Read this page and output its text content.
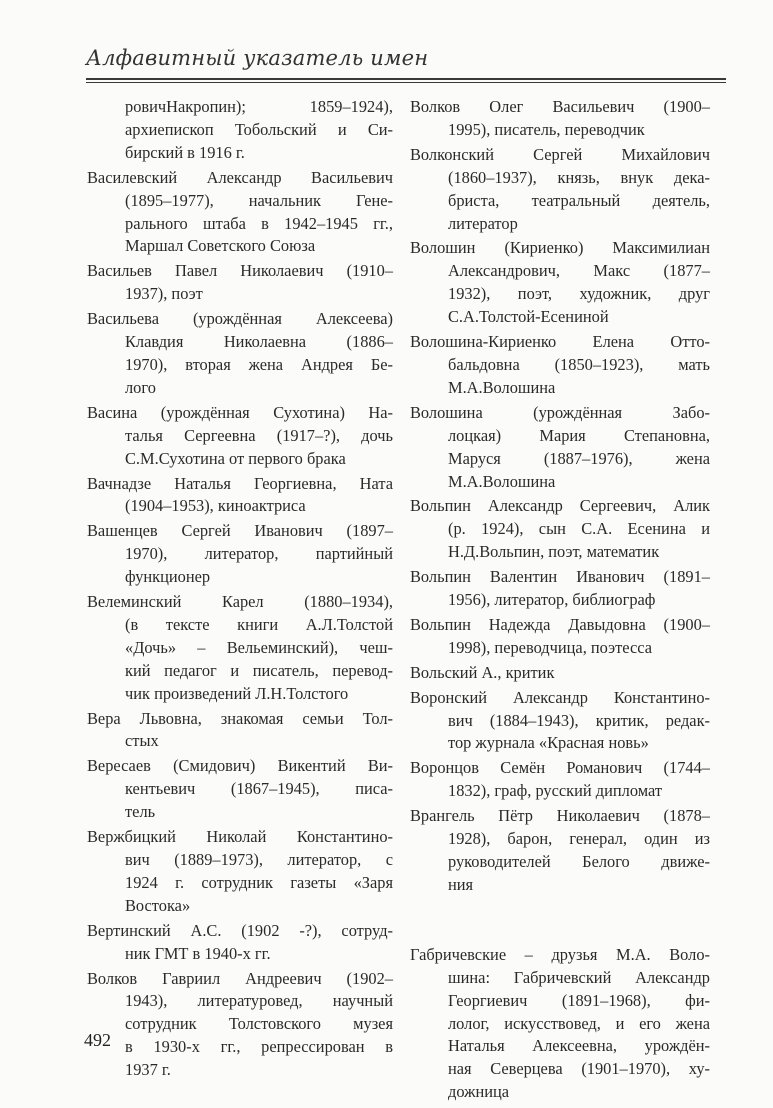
Алфавитный указатель имен
ровичНакропин); 1859–1924),
архиепископ Тобольский и Си-
бирский в 1916 г.
Василевский Александр Васильевич
(1895–1977), начальник Гене-
рального штаба в 1942–1945 гг.,
Маршал Советского Союза
Васильев Павел Николаевич (1910–
1937), поэт
Васильева (урождённая Алексеева)
Клавдия Николаевна (1886–
1970), вторая жена Андрея Бе-
лого
Васина (урождённая Сухотина) На-
талья Сергеевна (1917–?), дочь
С.М.Сухотина от первого брака
Вачнадзе Наталья Георгиевна, Ната
(1904–1953), киноактриса
Вашенцев Сергей Иванович (1897–
1970), литератор, партийный
функционер
Велеминский Карел (1880–1934),
(в тексте книги А.Л.Толстой
«Дочь» – Вельеминский), чеш-
кий педагог и писатель, перевод-
чик произведений Л.Н.Толстого
Вера Львовна, знакомая семьи Тол-
стых
Вересаев (Смидович) Викентий Ви-
кентьевич (1867–1945), писа-
тель
Вержбицкий Николай Константино-
вич (1889–1973), литератор, с
1924 г. сотрудник газеты «Заря
Востока»
Вертинский А.С. (1902 -?), сотруд-
ник ГМТ в 1940-х гг.
Волков Гавриил Андреевич (1902–
1943), литературовед, научный
сотрудник Толстовского музея
в 1930-х гг., репрессирован в
1937 г.
Волков Олег Васильевич (1900–
1995), писатель, переводчик
Волконский Сергей Михайлович
(1860–1937), князь, внук дека-
бриста, театральный деятель,
литератор
Волошин (Кириенко) Максимилиан
Александрович, Макс (1877–
1932), поэт, художник, друг
С.А.Толстой-Есениной
Волошина-Кириенко Елена Отто-
бальдовна (1850–1923), мать
М.А.Волошина
Волошина (урождённая Забо-
лоцкая) Мария Степановна,
Маруся (1887–1976), жена
М.А.Волошина
Вольпин Александр Сергеевич, Алик
(р. 1924), сын С.А. Есенина и
Н.Д.Вольпин, поэт, математик
Вольпин Валентин Иванович (1891–
1956), литератор, библиограф
Вольпин Надежда Давыдовна (1900–
1998), переводчица, поэтесса
Вольский А., критик
Воронский Александр Константино-
вич (1884–1943), критик, редак-
тор журнала «Красная новь»
Воронцов Семён Романович (1744–
1832), граф, русский дипломат
Врангель Пётр Николаевич (1878–
1928), барон, генерал, один из
руководителей Белого движе-
ния
Габричевские – друзья М.А. Воло-
шина: Габричевский Александр
Георгиевич (1891–1968), фи-
лолог, искусствовед, и его жена
Наталья Алексеевна, урождён-
ная Северцева (1901–1970), ху-
дожница
492
